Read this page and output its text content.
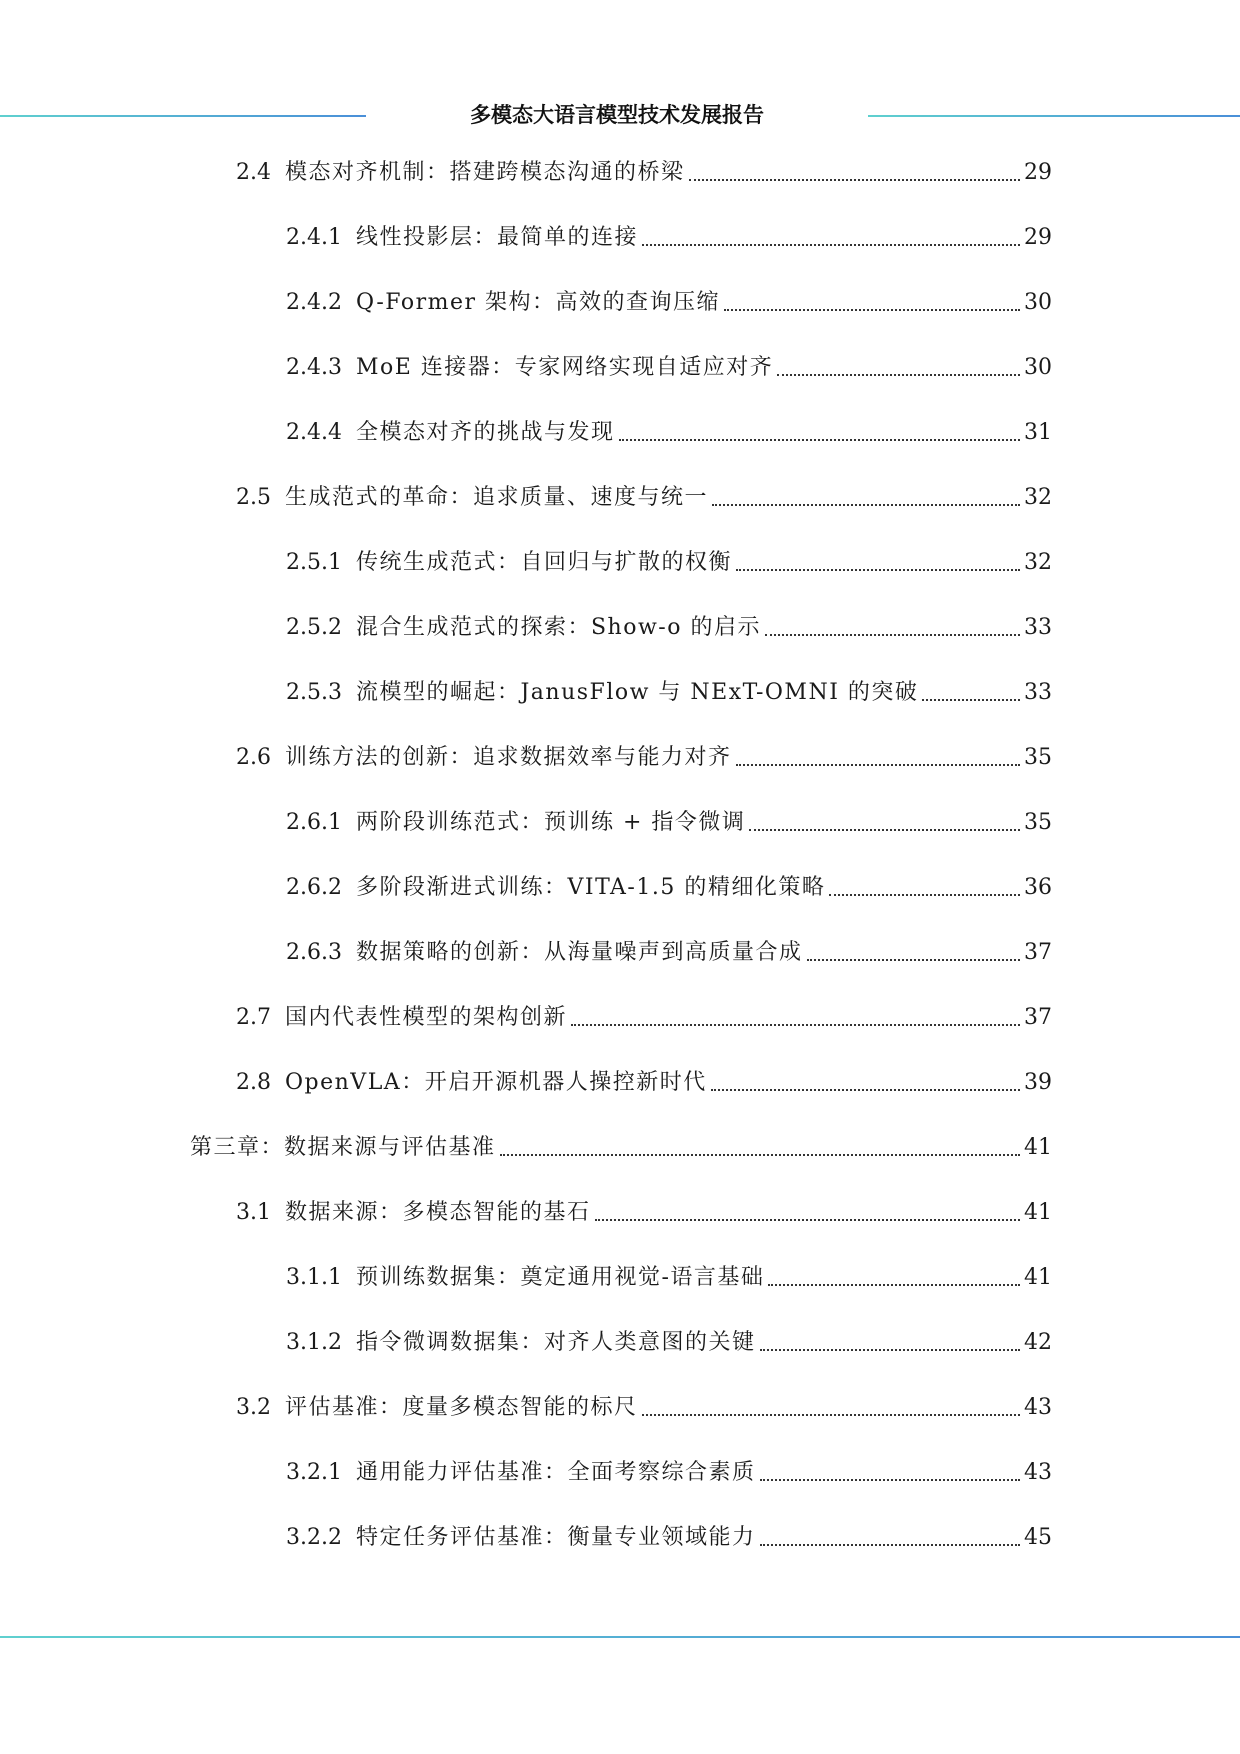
多模态大语言模型技术发展报告
2.4 模态对齐机制：搭建跨模态沟通的桥梁	29
2.4.1 线性投影层：最简单的连接	29
2.4.2 Q-Former 架构：高效的查询压缩	30
2.4.3 MoE 连接器：专家网络实现自适应对齐	30
2.4.4 全模态对齐的挑战与发现	31
2.5 生成范式的革命：追求质量、速度与统一	32
2.5.1 传统生成范式：自回归与扩散的权衡	32
2.5.2 混合生成范式的探索：Show-o 的启示	33
2.5.3 流模型的崛起：JanusFlow 与 NExT-OMNI 的突破	33
2.6 训练方法的创新：追求数据效率与能力对齐	35
2.6.1 两阶段训练范式：预训练 + 指令微调	35
2.6.2 多阶段渐进式训练：VITA-1.5 的精细化策略	36
2.6.3 数据策略的创新：从海量噪声到高质量合成	37
2.7 国内代表性模型的架构创新	37
2.8 OpenVLA：开启开源机器人操控新时代	39
第三章：数据来源与评估基准	41
3.1 数据来源：多模态智能的基石	41
3.1.1 预训练数据集：奠定通用视觉-语言基础	41
3.1.2 指令微调数据集：对齐人类意图的关键	42
3.2 评估基准：度量多模态智能的标尺	43
3.2.1 通用能力评估基准：全面考察综合素质	43
3.2.2 特定任务评估基准：衡量专业领域能力	45
